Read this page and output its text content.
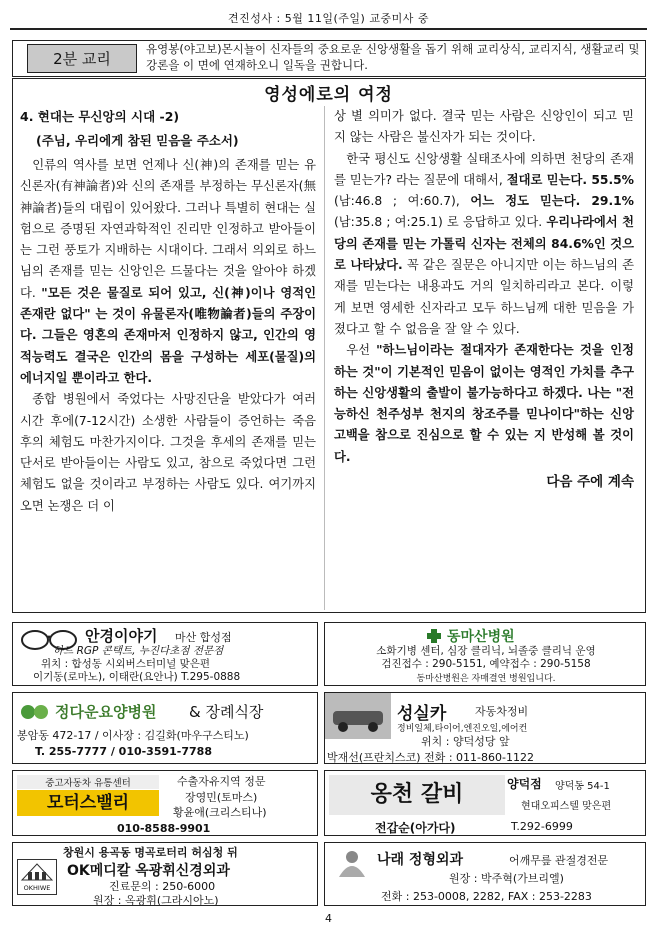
견진성사 : 5월 11일(주일) 교중미사 중
2분 교리
유영봉(야고보)몬시뇰이 신자들의 중요로운 신앙생활을 돕기 위해 교리상식, 교리지식, 생활교리 및 강론을 이 면에 연재하오니 일독을 권합니다.
영성에로의 여정
4. 현대는 무신앙의 시대 -2)
(주님, 우리에게 참된 믿음을 주소서)

인류의 역사를 보면 언제나 신(神)의 존재를 믿는 유신론자(有神論者)와 신의 존재를 부정하는 무신론자(無神論者)들의 대립이 있어왔다. 그러나 특별히 현대는 실험으로 증명된 자연과학적인 진리만 인정하고 받아들이는 그런 풍토가 지배하는 시대이다. 그래서 의외로 하느님의 존재를 믿는 신앙인은 드물다는 것을 알아야 하겠다. "모든 것은 물질로 되어 있고, 신(神)이나 영적인 존재란 없다" 는 것이 유물론자(唯物論者)들의 주장이다. 그들은 영혼의 존재마저 인정하지 않고, 인간의 영적능력도 결국은 인간의 몸을 구성하는 세포(물질)의 에너지일 뿐이라고 한다.

종합 병원에서 죽었다는 사망진단을 받았다가 여러 시간 후에(7-12시간) 소생한 사람들이 증언하는 죽음 후의 체험도 마찬가지이다. 그것을 후세의 존재를 믿는 단서로 받아들이는 사람도 있고, 참으로 죽었다면 그런 체험도 없을 것이라고 부정하는 사람도 있다. 여기까지 오면 논쟁은 더 이

상 별 의미가 없다. 결국 믿는 사람은 신앙인이 되고 믿지 않는 사람은 불신자가 되는 것이다.

한국 평신도 신앙생활 실태조사에 의하면 천당의 존재를 믿는가? 라는 질문에 대해서, 절대로 믿는다. 55.5%(남:46.8 ; 여:60.7), 어느 정도 믿는다. 29.1%(남:35.8 ; 여:25.1) 로 응답하고 있다. 우리나라에서 천당의 존재를 믿는 가톨릭 신자는 전체의 84.6%인 것으로 나타났다. 꼭 같은 질문은 아니지만 이는 하느님의 존재를 믿는다는 내용과도 거의 일치하리라고 본다. 이렇게 보면 영세한 신자라고 모두 하느님께 대한 믿음을 가졌다고 할 수 없음을 잘 알 수 있다.

우선 "하느님이라는 절대자가 존재한다는 것을 인정하는 것"이 기본적인 믿음이 없이는 영적인 가치를 추구하는 신앙생활의 출발이 불가능하다고 하겠다. 나는 "전능하신 천주성부 천지의 창조주를 믿나이다"하는 신앙고백을 참으로 진심으로 할 수 있는 지 반성해 볼 것이다.

다음 주에 계속
안경이야기 마산 합성점
하드 RGP 콘택트, 누진다초점 전문점
위치 : 합성동 시외버스터미널 맞은편
이기동(로마노), 이태란(요안나) T.295-0888
동마산병원
소화기병 센터, 심장 클리닉, 뇌졸중 클리닉 운영
검진접수 : 290-5151, 예약접수 : 290-5158
동마산병원은 자매결연 병원입니다.
정다운요양병원 & 장례식장
봉암동 472-17 / 이사장 : 김길화(마우구스티노)
T. 255-7777 / 010-3591-7788
성실카	자동차정비
정비일체,타이어,엔진오일,에어컨
위치 : 양덕성당 앞
박재선(프란치스코) 전화 : 011-860-1122
중고자동차 유통센터
모터스밸리
수출자유지역 정문
장영민(토마스)
황윤애(크리스티나)
010-8588-9901
옹천 갈비	양덕점 양덕동 54-1
현대오피스텔 맞은편
전갑순(아가다)	T.292-6999
OKHIWE
창원시 용곡동 명곡로터리 허심청 뒤
OK메디칼 옥광휘신경외과
진료문의 : 250-6000
원장 : 옥광휘(그라시아노)
나래 정형외과	어깨무릎 관절경전문
원장 : 박주혁(가브리엘)
전화 : 253-0008, 2282, FAX : 253-2283
4
